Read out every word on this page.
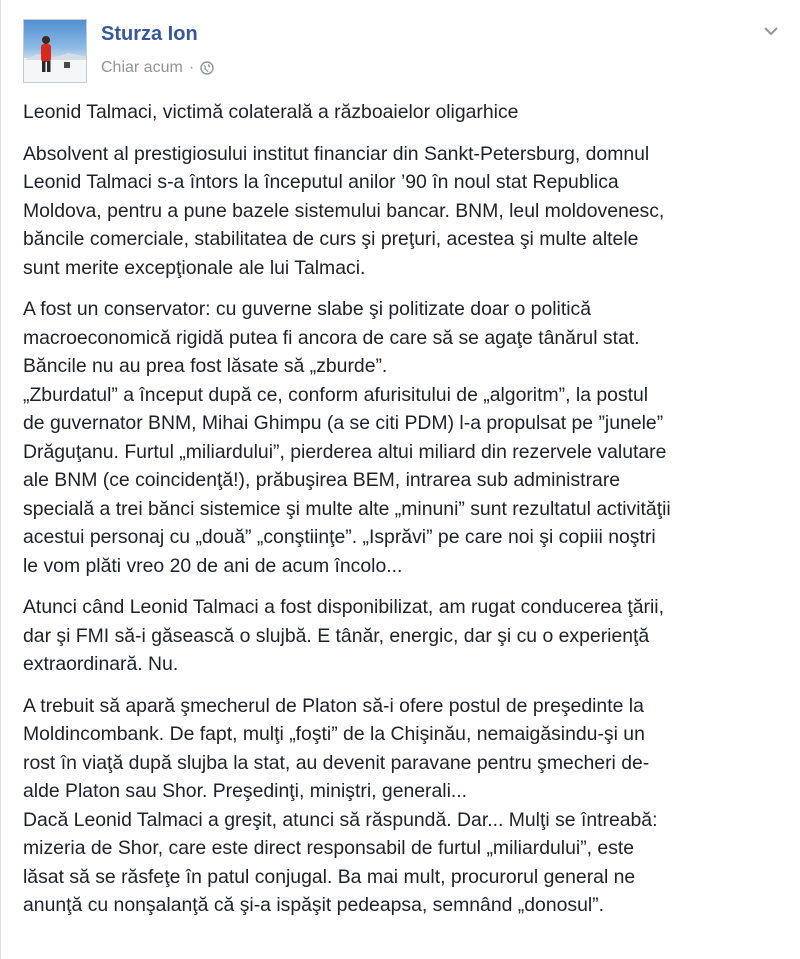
Sturza Ion
Chiar acum ·

Leonid Talmaci, victimă colaterală a războaielor oligarhice

Absolvent al prestigiosului institut financiar din Sankt-Petersburg, domnul
Leonid Talmaci s-a întors la începutul anilor ’90 în noul stat Republica
Moldova, pentru a pune bazele sistemului bancar. BNM, leul moldovenesc,
băncile comerciale, stabilitatea de curs şi preţuri, acestea şi multe altele
sunt merite excepţionale ale lui Talmaci.

A fost un conservator: cu guverne slabe şi politizate doar o politică
macroeconomică rigidă putea fi ancora de care să se agaţe tânărul stat.
Băncile nu au prea fost lăsate să „zburde”.
„Zburdatul” a început după ce, conform afurisitului de „algoritm”, la postul
de guvernator BNM, Mihai Ghimpu (a se citi PDM) l-a propulsat pe ”junele”
Drăguţanu. Furtul „miliardului”, pierderea altui miliard din rezervele valutare
ale BNM (ce coincidenţă!), prăbuşirea BEM, intrarea sub administrare
specială a trei bănci sistemice şi multe alte „minuni” sunt rezultatul activităţii
acestui personaj cu „două” „conştiinţe”. „Isprăvi” pe care noi şi copiii noştri
le vom plăti vreo 20 de ani de acum încolo...

Atunci când Leonid Talmaci a fost disponibilizat, am rugat conducerea ţării,
dar şi FMI să-i găsească o slujbă. E tânăr, energic, dar şi cu o experienţă
extraordinară. Nu.

A trebuit să apară şmecherul de Platon să-i ofere postul de preşedinte la
Moldincombank. De fapt, mulţi „foşti” de la Chişinău, nemaigăsindu-şi un
rost în viaţă după slujba la stat, au devenit paravane pentru şmecheri de-
alde Platon sau Shor. Preşedinţi, miniştri, generali...
Dacă Leonid Talmaci a greşit, atunci să răspundă. Dar... Mulţi se întreabă:
mizeria de Shor, care este direct responsabil de furtul „miliardului”, este
lăsat să se răsfeţe în patul conjugal. Ba mai mult, procurorul general ne
anunţă cu nonşalanţă că şi-a ispăşit pedeapsa, semnând „donosul”.
